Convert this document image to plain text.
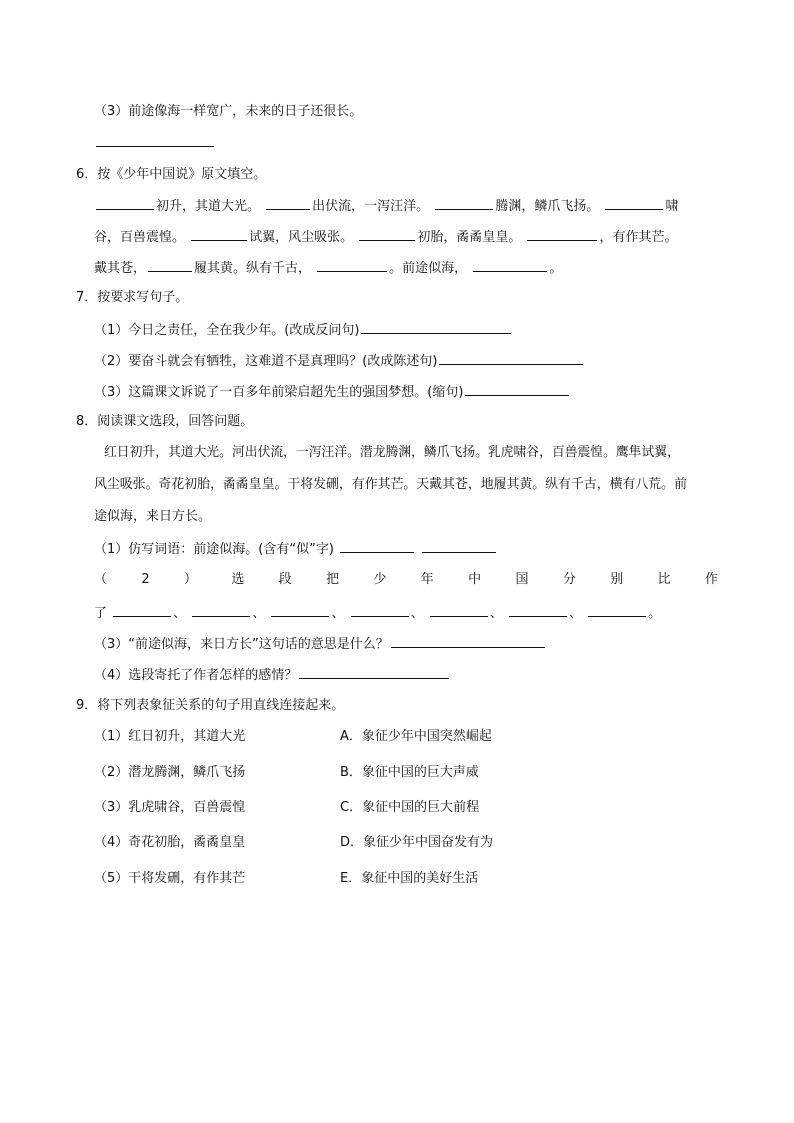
（3）前途像海一样宽广，未来的日子还很长。
6．按《少年中国说》原文填空。
初升，其道大光。	出伏流，一泻汪洋。	腾渊，鳞爪飞扬。	啸
谷，百兽震惶。	试翼，风尘吸张。	初胎，矞矞皇皇。	，有作其芒。
戴其苍，	履其黄。纵有千古，	。前途似海，	。
7．按要求写句子。
（1）今日之责任，全在我少年。(改成反问句)
（2）要奋斗就会有牺牲，这难道不是真理吗？(改成陈述句)
（3）这篇课文诉说了一百多年前梁启超先生的强国梦想。(缩句)
8．阅读课文选段，回答问题。
红日初升，其道大光。河出伏流，一泻汪洋。潜龙腾渊，鳞爪飞扬。乳虎啸谷，百兽震惶。鹰隼试翼，
风尘吸张。奇花初胎，矞矞皇皇。干将发硎，有作其芒。天戴其苍，地履其黄。纵有千古，横有八荒。前
途似海，来日方长。
（1）仿写词语：前途似海。(含有“似”字)
（	2	）	选	段	把	少	年	中	国	分	别	比	作
了	、	、	、	、	、	、	。
（3）“前途似海，来日方长”这句话的意思是什么？
（4）选段寄托了作者怎样的感情？
9．将下列表象征关系的句子用直线连接起来。
（1）红日初升，其道大光	A．象征少年中国突然崛起
（2）潜龙腾渊，鳞爪飞扬	B．象征中国的巨大声威
（3）乳虎啸谷，百兽震惶	C．象征中国的巨大前程
（4）奇花初胎，矞矞皇皇	D．象征少年中国奋发有为
（5）干将发硎，有作其芒	E．象征中国的美好生活
